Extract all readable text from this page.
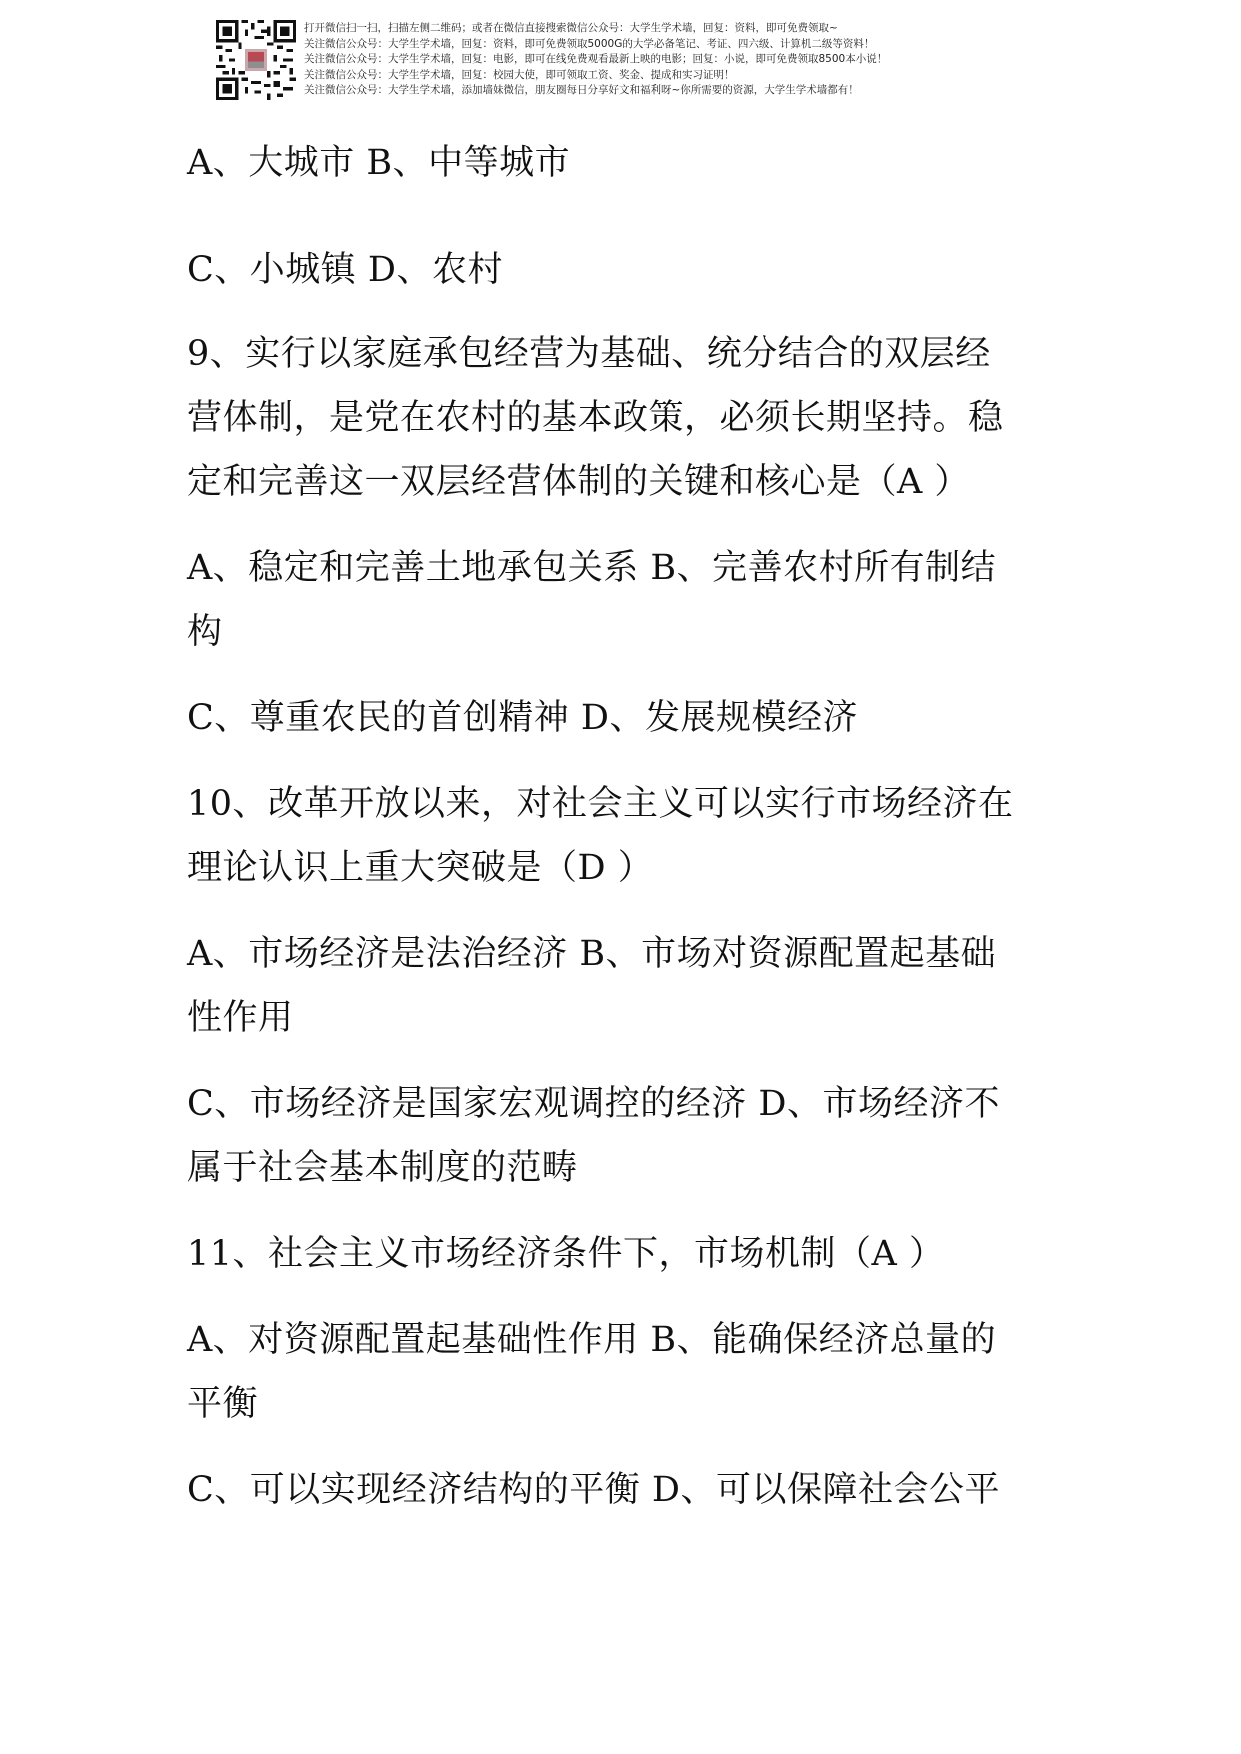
打开微信扫一扫，扫描左侧二维码；或者在微信直接搜索微信公众号：大学生学术墙，回复：资料，即可免费领取~
关注微信公众号：大学生学术墙，回复：资料，即可免费领取5000G的大学必备笔记、考证、四六级、计算机二级等资料！
关注微信公众号：大学生学术墙，回复：电影，即可在线免费观看最新上映的电影；回复：小说，即可免费领取8500本小说！
关注微信公众号：大学生学术墙，回复：校园大使，即可领取工资、奖金、提成和实习证明！
关注微信公众号：大学生学术墙，添加墙妹微信，朋友圈每日分享好文和福利呀~你所需要的资源，大学生学术墙都有！
A、大城市 B、中等城市
C、小城镇 D、农村
9、实行以家庭承包经营为基础、统分结合的双层经
营体制，是党在农村的基本政策，必须长期坚持。稳
定和完善这一双层经营体制的关键和核心是（A ）
A、稳定和完善土地承包关系 B、完善农村所有制结
构
C、尊重农民的首创精神 D、发展规模经济
10、改革开放以来，对社会主义可以实行市场经济在
理论认识上重大突破是（D ）
A、市场经济是法治经济 B、市场对资源配置起基础
性作用
C、市场经济是国家宏观调控的经济 D、市场经济不
属于社会基本制度的范畴
11、社会主义市场经济条件下，市场机制（A ）
A、对资源配置起基础性作用 B、能确保经济总量的
平衡
C、可以实现经济结构的平衡 D、可以保障社会公平
